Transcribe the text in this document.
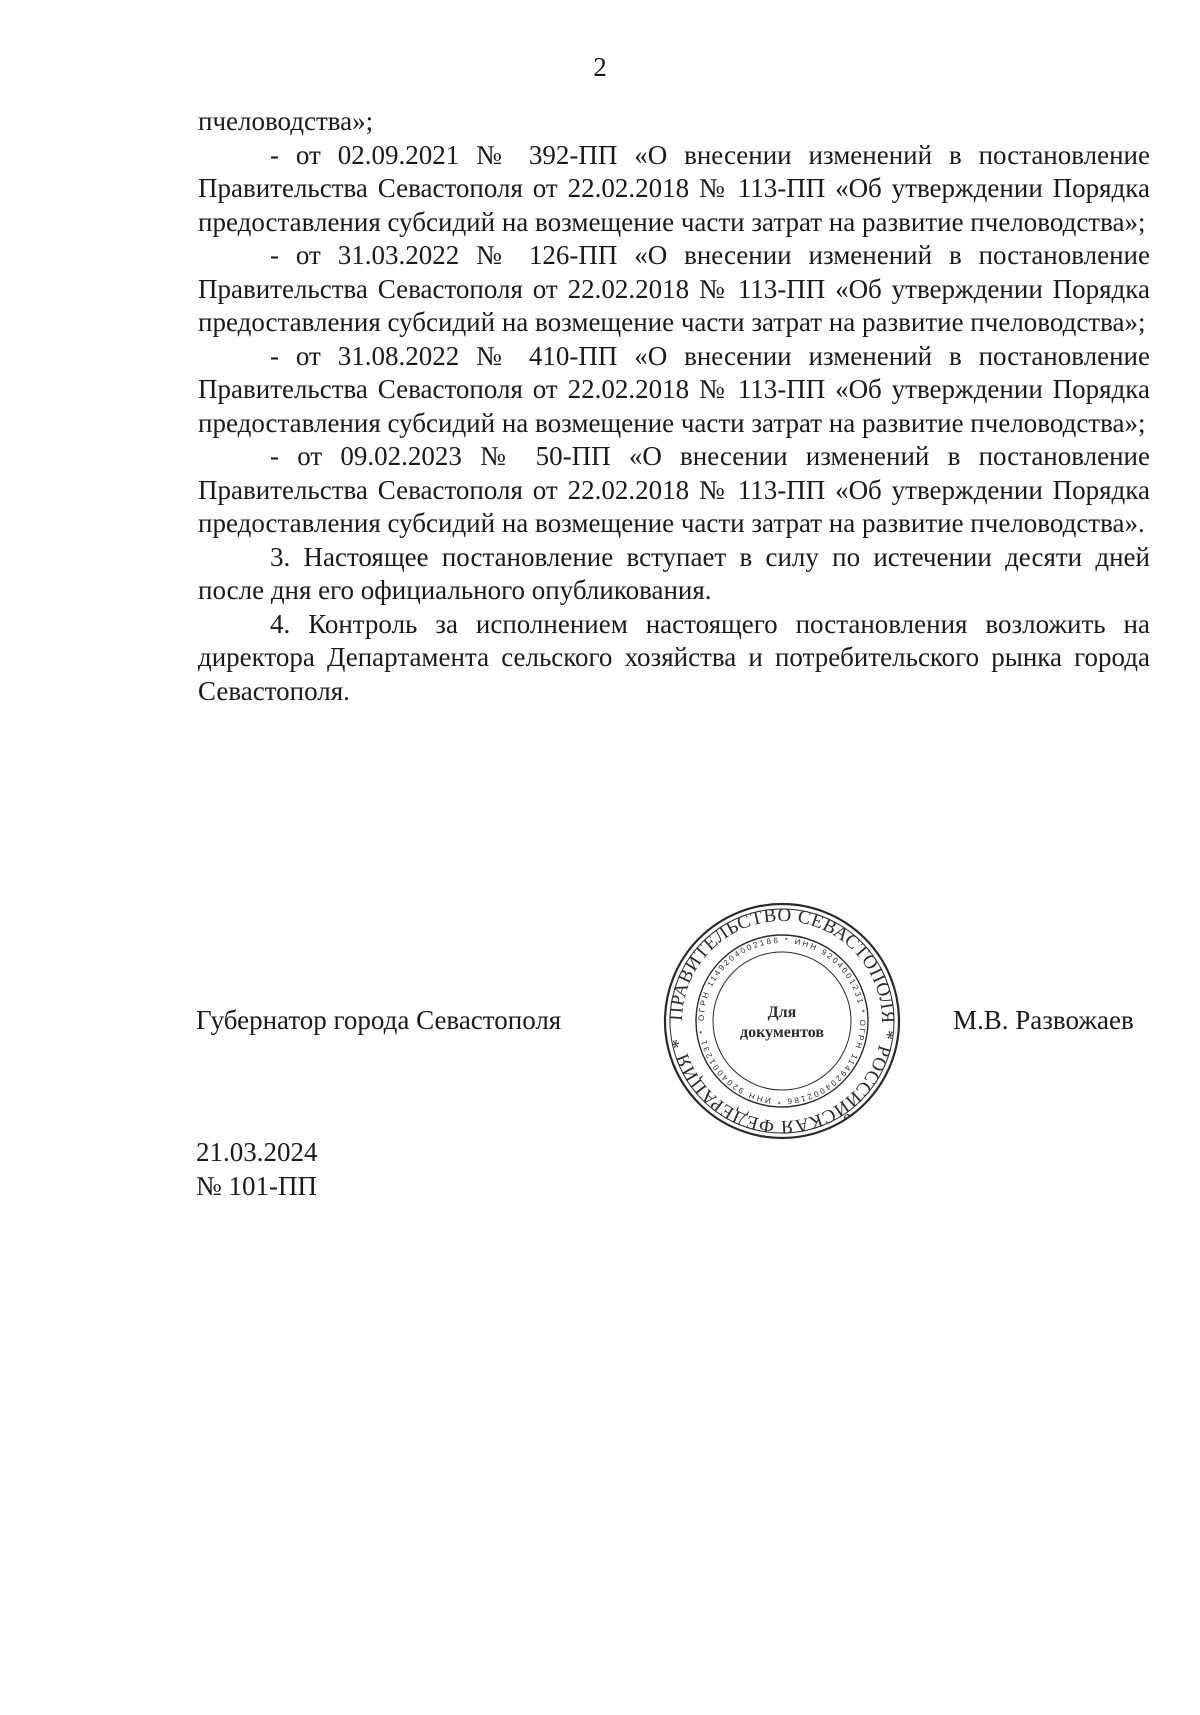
2

пчеловодства»;

- от 02.09.2021 № 392-ПП «О внесении изменений в постановление Правительства Севастополя от 22.02.2018 № 113-ПП «Об утверждении Порядка предоставления субсидий на возмещение части затрат на развитие пчеловодства»;

- от 31.03.2022 № 126-ПП «О внесении изменений в постановление Правительства Севастополя от 22.02.2018 № 113-ПП «Об утверждении Порядка предоставления субсидий на возмещение части затрат на развитие пчеловодства»;

- от 31.08.2022 № 410-ПП «О внесении изменений в постановление Правительства Севастополя от 22.02.2018 № 113-ПП «Об утверждении Порядка предоставления субсидий на возмещение части затрат на развитие пчеловодства»;

- от 09.02.2023 № 50-ПП «О внесении изменений в постановление Правительства Севастополя от 22.02.2018 № 113-ПП «Об утверждении Порядка предоставления субсидий на возмещение части затрат на развитие пчеловодства».

3. Настоящее постановление вступает в силу по истечении десяти дней после дня его официального опубликования.

4. Контроль за исполнением настоящего постановления возложить на директора Департамента сельского хозяйства и потребительского рынка города Севастополя.

Губернатор города Севастополя	ПРАВИТЕЛЬСТВО СЕВАСТОПОЛЯ * РОССИЙСКАЯ ФЕДЕРАЦИЯ *
ОГРН 1149204002186 * ИНН 9204001231 * ОГРН 1149204002186 * ИНН 9204001231 *
Для
документов	М.В. Развожаев
21.03.2024
№ 101-ПП
